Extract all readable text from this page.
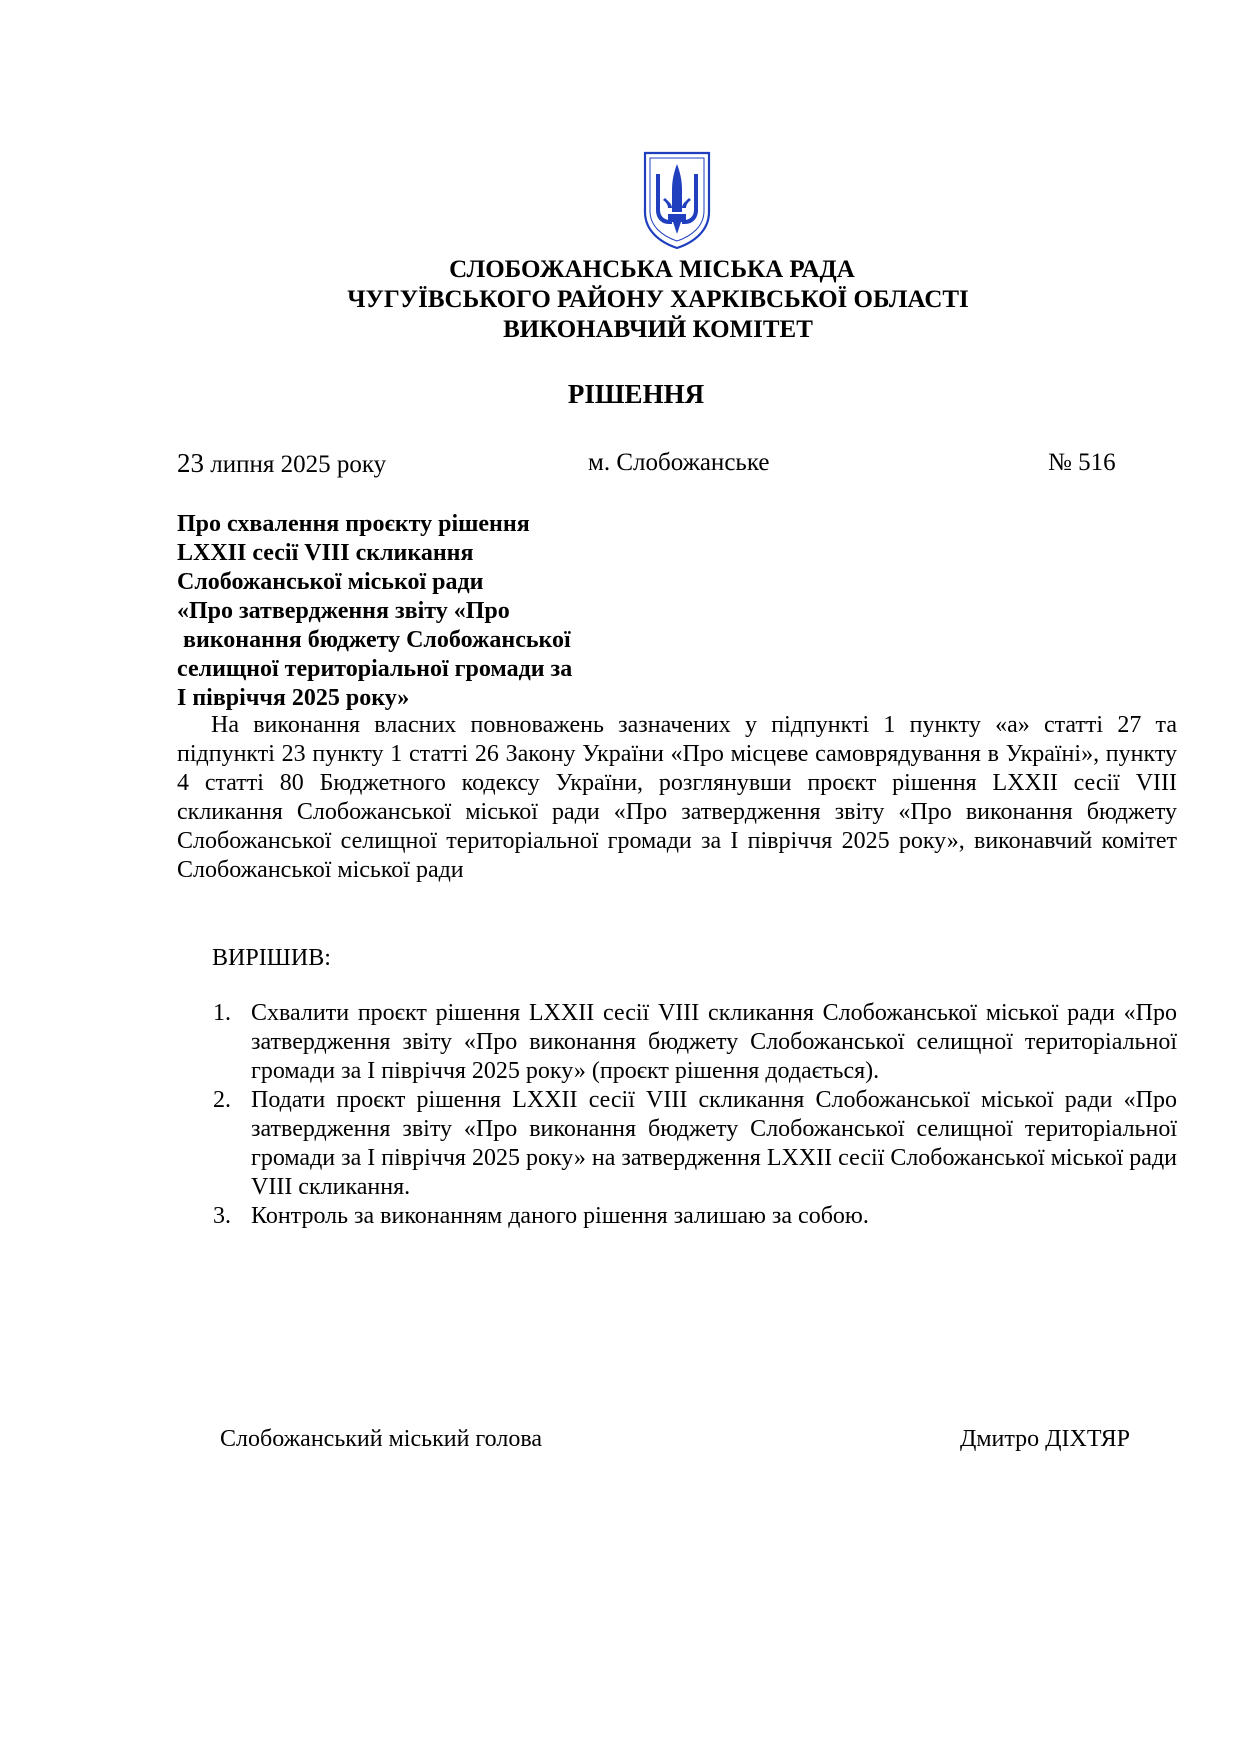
СЛОБОЖАНСЬКА МІСЬКА РАДА
ЧУГУЇВСЬКОГО РАЙОНУ ХАРКІВСЬКОЇ ОБЛАСТІ
ВИКОНАВЧИЙ КОМІТЕТ
РІШЕННЯ
23 липня 2025 року	м. Слобожанське	№ 516
Про схвалення проєкту рішення
LXXII сесії VIII скликання
Слобожанської міської ради
«Про затвердження звіту «Про
виконання бюджету Слобожанської
селищної територіальної громади за
І півріччя 2025 року»
На виконання власних повноважень зазначених у підпункті 1 пункту «а» статті 27 та підпункті 23 пункту 1 статті 26 Закону України «Про місцеве самоврядування в Україні», пункту 4 статті 80 Бюджетного кодексу України, розглянувши проєкт рішення LXXII сесії VIII скликання Слобожанської міської ради «Про затвердження звіту «Про виконання бюджету Слобожанської селищної територіальної громади за І півріччя 2025 року», виконавчий комітет Слобожанської міської ради
ВИРІШИВ:
1. Схвалити проєкт рішення LXXII сесії VIII скликання Слобожанської міської ради «Про затвердження звіту «Про виконання бюджету Слобожанської селищної територіальної громади за І півріччя 2025 року» (проєкт рішення додається).
2. Подати проєкт рішення LXXII сесії VIII скликання Слобожанської міської ради «Про затвердження звіту «Про виконання бюджету Слобожанської селищної територіальної громади за І півріччя 2025 року» на затвердження LXXII сесії Слобожанської міської ради VIII скликання.
3. Контроль за виконанням даного рішення залишаю за собою.
Слобожанський міський голова	Дмитро ДІХТЯР
